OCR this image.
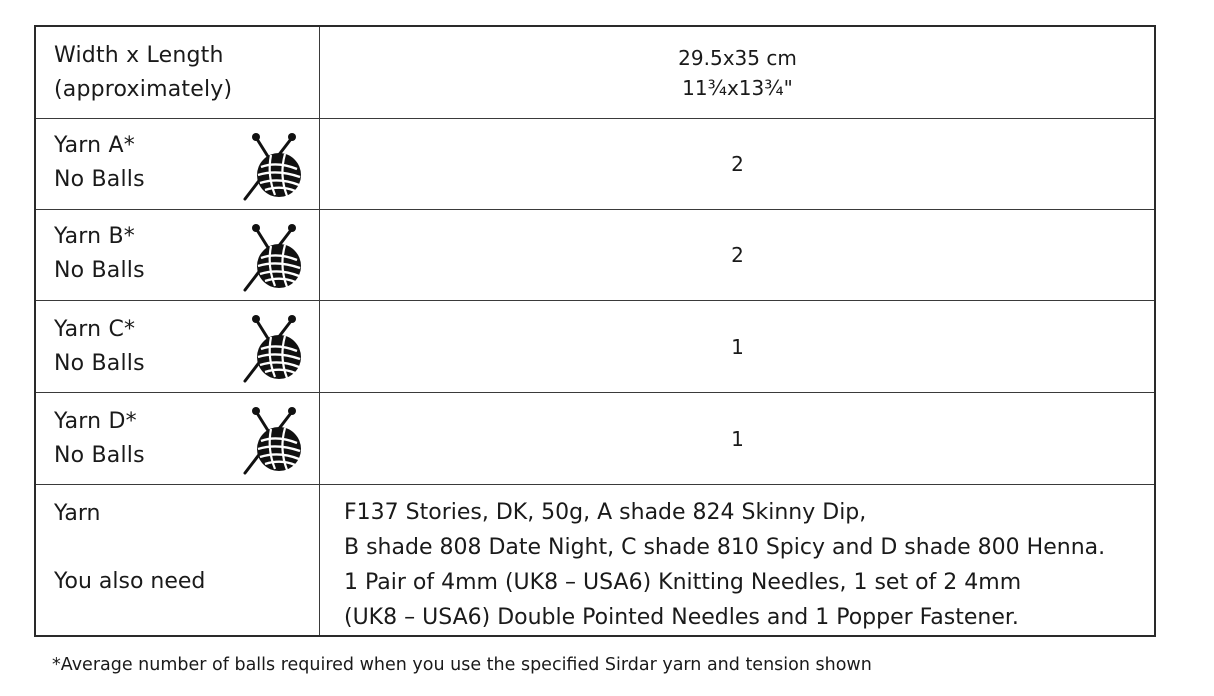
Width x Length
(approximately)
29.5x35 cm
11¾x13¾"
Yarn A*
No Balls
2
Yarn B*
No Balls
2
Yarn C*
No Balls
1
Yarn D*
No Balls
1
Yarn
You also need
F137 Stories, DK, 50g, A shade 824 Skinny Dip,
B shade 808 Date Night, C shade 810 Spicy and D shade 800 Henna.
1 Pair of 4mm (UK8 – USA6) Knitting Needles, 1 set of 2 4mm
(UK8 – USA6) Double Pointed Needles and 1 Popper Fastener.
*Average number of balls required when you use the specified Sirdar yarn and tension shown
